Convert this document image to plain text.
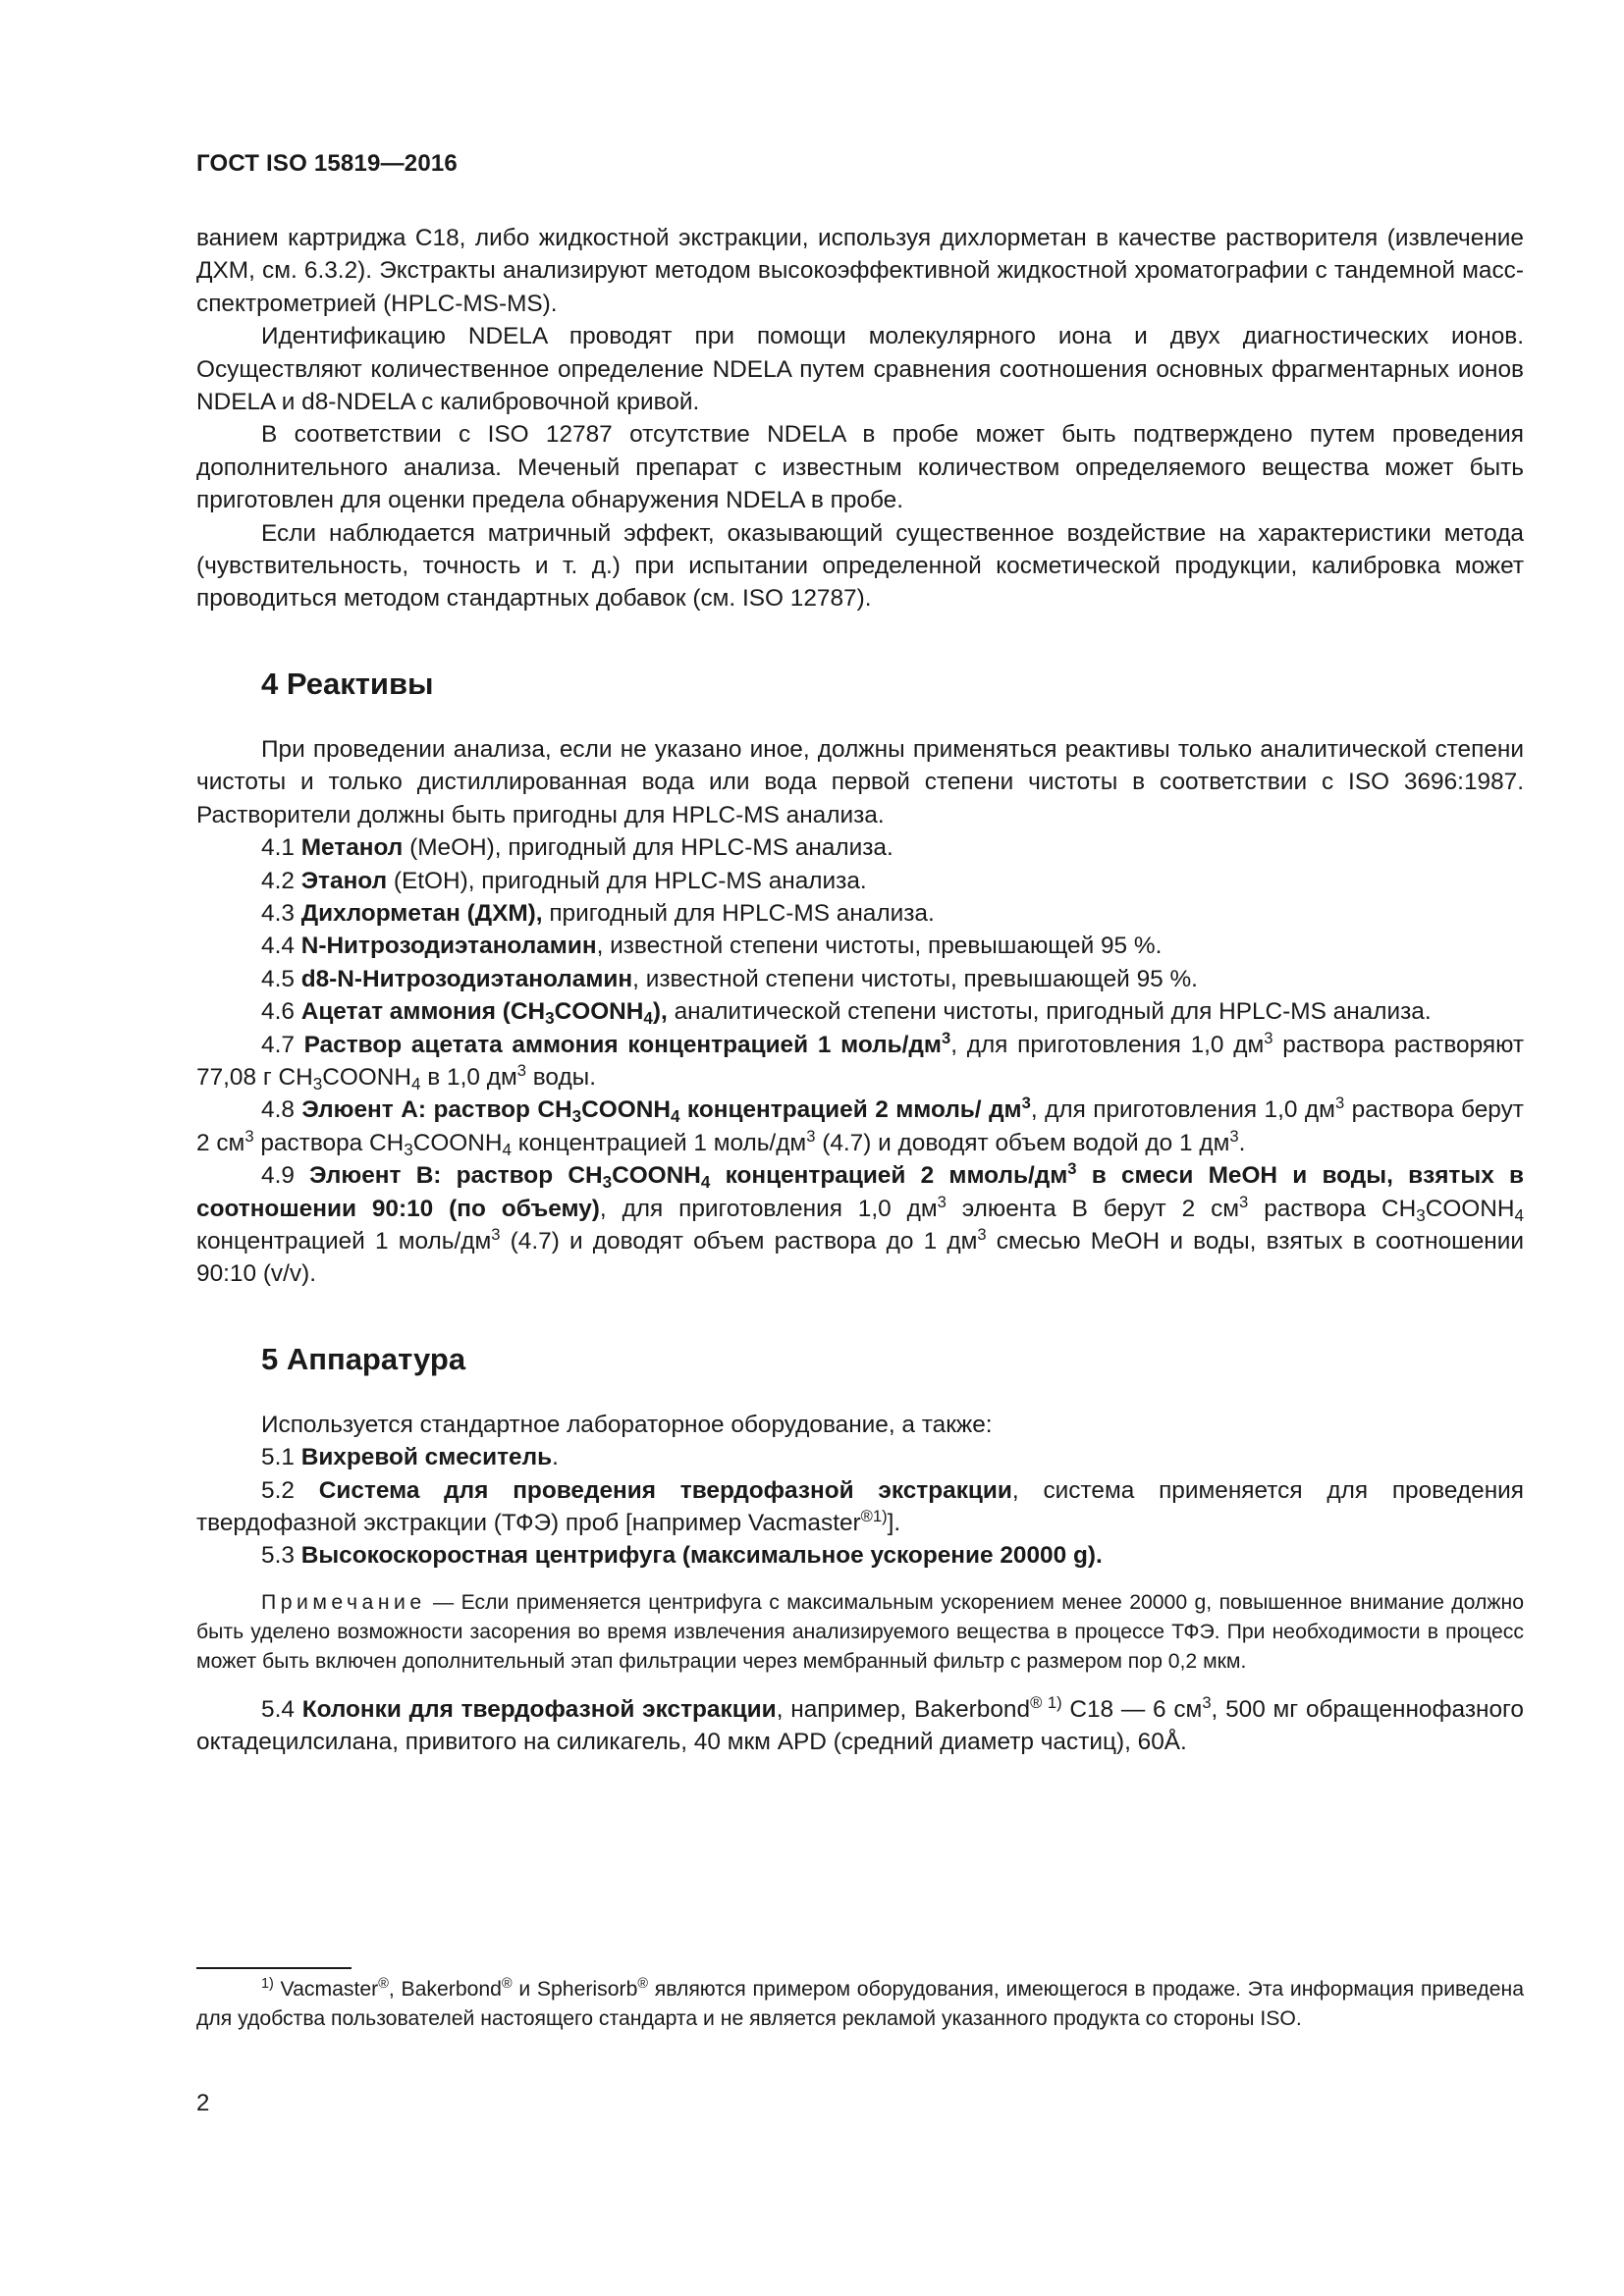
ГОСТ ISO 15819—2016

ванием картриджа С18, либо жидкостной экстракции, используя дихлорметан в качестве растворителя (извлечение ДХМ, см. 6.3.2). Экстракты анализируют методом высокоэффективной жидкостной хроматографии с тандемной масс-спектрометрией (HPLC-MS-MS).

Идентификацию NDELA проводят при помощи молекулярного иона и двух диагностических ионов. Осуществляют количественное определение NDELA путем сравнения соотношения основных фрагментарных ионов NDELA и d8-NDELA с калибровочной кривой.

В соответствии с ISO 12787 отсутствие NDELA в пробе может быть подтверждено путем проведения дополнительного анализа. Меченый препарат с известным количеством определяемого вещества может быть приготовлен для оценки предела обнаружения NDELA в пробе.

Если наблюдается матричный эффект, оказывающий существенное воздействие на характеристики метода (чувствительность, точность и т. д.) при испытании определенной косметической продукции, калибровка может проводиться методом стандартных добавок (см. ISO 12787).

4 Реактивы

При проведении анализа, если не указано иное, должны применяться реактивы только аналитической степени чистоты и только дистиллированная вода или вода первой степени чистоты в соответствии с ISO 3696:1987. Растворители должны быть пригодны для HPLC-MS анализа.

4.1 Метанол (MeOH), пригодный для HPLC-MS анализа.

4.2 Этанол (EtOH), пригодный для HPLC-MS анализа.

4.3 Дихлорметан (ДХМ), пригодный для HPLC-MS анализа.

4.4 N-Нитрозодиэтаноламин, известной степени чистоты, превышающей 95 %.

4.5 d8-N-Нитрозодиэтаноламин, известной степени чистоты, превышающей 95 %.

4.6 Ацетат аммония $(CH_3COONH_4)$, аналитической степени чистоты, пригодный для HPLC-MS анализа.

4.7 Раствор ацетата аммония концентрацией 1 моль/$дм^3$, для приготовления 1,0 $дм^3$ раствора растворяют 77,08 г $CH_3COONH_4$ в 1,0 $дм^3$ воды.

4.8 Элюент А: раствор $CH_3COONH_4$ концентрацией 2 ммоль/ $дм^3$, для приготовления 1,0 $дм^3$ раствора берут 2 $см^3$ раствора $CH_3COONH_4$ концентрацией 1 моль/$дм^3$ (4.7) и доводят объем водой до 1 $дм^3$.

4.9 Элюент В: раствор $CH_3COONH_4$ концентрацией 2 ммоль/$дм^3$ в смеси MeOH и воды, взятых в соотношении 90:10 (по объему), для приготовления 1,0 $дм^3$ элюента В берут 2 $см^3$ раствора $CH_3COONH_4$ концентрацией 1 моль/$дм^3$ (4.7) и доводят объем раствора до 1 $дм^3$ смесью MeOH и воды, взятых в соотношении 90:10 (v/v).

5 Аппаратура

Используется стандартное лабораторное оборудование, а также:

5.1 Вихревой смеситель.

5.2 Система для проведения твердофазной экстракции, система применяется для проведения твердофазной экстракции (ТФЭ) проб [например Vacmaster$^{®1)}$].

5.3 Высокоскоростная центрифуга (максимальное ускорение 20000 g).

Примечание — Если применяется центрифуга с максимальным ускорением менее 20000 g, повышенное внимание должно быть уделено возможности засорения во время извлечения анализируемого вещества в процессе ТФЭ. При необходимости в процесс может быть включен дополнительный этап фильтрации через мембранный фильтр с размером пор 0,2 мкм.

5.4 Колонки для твердофазной экстракции, например, Bakerbond® $^{1)}$ C18 — 6 $см^3$, 500 мг обращеннофазного октадецилсилана, привитого на силикагель, 40 мкм APD (средний диаметр частиц), 60Å.

$^{1)}$ Vacmaster®, Bakerbond® и Spherisorb® являются примером оборудования, имеющегося в продаже. Эта информация приведена для удобства пользователей настоящего стандарта и не является рекламой указанного продукта со стороны ISO.

2
